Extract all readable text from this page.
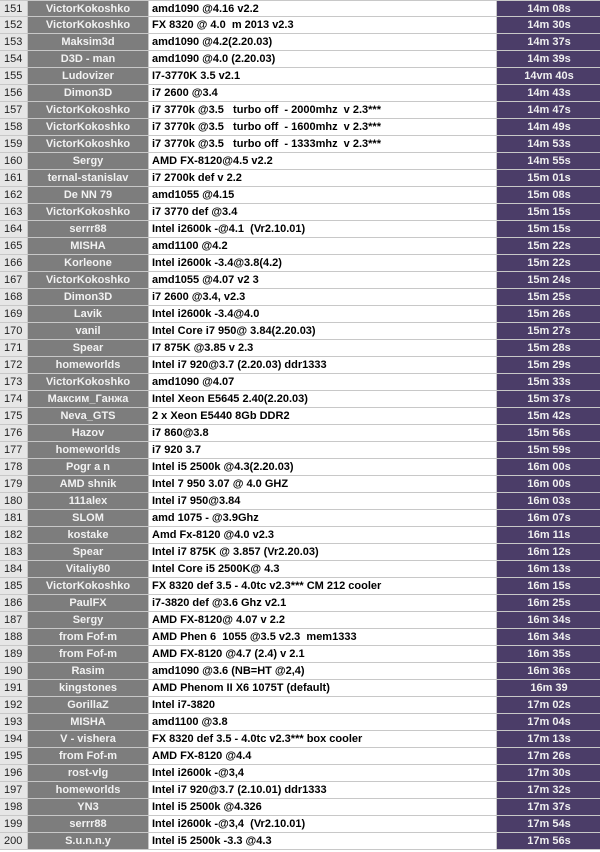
151	VictorKokoshko	amd1090 @4.16 v2.2	14m 08s
152	VictorKokoshko	FX 8320 @ 4.0  m 2013 v2.3	14m 30s
153	Maksim3d	amd1090 @4.2(2.20.03)	14m 37s
154	D3D - man	amd1090 @4.0 (2.20.03)	14m 39s
155	Ludovizer	I7-3770K 3.5 v2.1	14vm 40s
156	Dimon3D	i7 2600 @3.4	14m 43s
157	VictorKokoshko	i7 3770k @3.5   turbo off  - 2000mhz  v 2.3***	14m 47s
158	VictorKokoshko	i7 3770k @3.5   turbo off  - 1600mhz  v 2.3***	14m 49s
159	VictorKokoshko	i7 3770k @3.5   turbo off  - 1333mhz  v 2.3***	14m 53s
160	Sergy	AMD FX-8120@4.5 v2.2	14m 55s
161	ternal-stanislav	i7 2700k def v 2.2	15m 01s
162	De NN 79	amd1055 @4.15	15m 08s
163	VictorKokoshko	i7 3770 def @3.4	15m 15s
164	serrr88	Intel i2600k -@4.1  (Vr2.10.01)	15m 15s
165	MISHA	amd1100 @4.2	15m 22s
166	Korleone	Intel i2600k -3.4@3.8(4.2)	15m 22s
167	VictorKokoshko	amd1055 @4.07 v2 3	15m 24s
168	Dimon3D	i7 2600 @3.4, v2.3	15m 25s
169	Lavik	Intel i2600k -3.4@4.0	15m 26s
170	vanil	Intel Core i7 950@ 3.84(2.20.03)	15m 27s
171	Spear	I7 875K @3.85 v 2.3	15m 28s
172	homeworlds	Intel i7 920@3.7 (2.20.03) ddr1333	15m 29s
173	VictorKokoshko	amd1090 @4.07	15m 33s
174	Максим_Ганжа	Intel Xeon E5645 2.40(2.20.03)	15m 37s
175	Neva_GTS	2 x Xeon E5440 8Gb DDR2	15m 42s
176	Hazov	i7 860@3.8	15m 56s
177	homeworlds	i7 920 3.7	15m 59s
178	Pogr a n	Intel i5 2500k @4.3(2.20.03)	16m 00s
179	AMD shnik	Intel 7 950 3.07 @ 4.0 GHZ	16m 00s
180	111alex	Intel i7 950@3.84	16m 03s
181	SLOM	amd 1075 - @3.9Ghz	16m 07s
182	kostake	Amd Fx-8120 @4.0 v2.3	16m 11s
183	Spear	Intel i7 875K @ 3.857 (Vr2.20.03)	16m 12s
184	Vitaliy80	Intel Core i5 2500K@ 4.3	16m 13s
185	VictorKokoshko	FX 8320 def 3.5 - 4.0tc v2.3*** CM 212 cooler	16m 15s
186	PaulFX	i7-3820 def @3.6 Ghz v2.1	16m 25s
187	Sergy	AMD FX-8120@ 4.07 v 2.2	16m 34s
188	from Fof-m	AMD Phen 6  1055 @3.5 v2.3  mem1333	16m 34s
189	from Fof-m	AMD FX-8120 @4.7 (2.4) v 2.1	16m 35s
190	Rasim	amd1090 @3.6 (NB=HT @2,4)	16m 36s
191	kingstones	AMD Phenom II X6 1075T (default)	16m 39
192	GorillaZ	Intel i7-3820	17m 02s
193	MISHA	amd1100 @3.8	17m 04s
194	V - vishera	FX 8320 def 3.5 - 4.0tc v2.3*** box cooler	17m 13s
195	from Fof-m	AMD FX-8120 @4.4	17m 26s
196	rost-vlg	Intel i2600k -@3,4	17m 30s
197	homeworlds	Intel i7 920@3.7 (2.10.01) ddr1333	17m 32s
198	YN3	Intel i5 2500k @4.326	17m 37s
199	serrr88	Intel i2600k -@3,4  (Vr2.10.01)	17m 54s
200	S.u.n.n.y	Intel i5 2500k -3.3 @4.3	17m 56s
